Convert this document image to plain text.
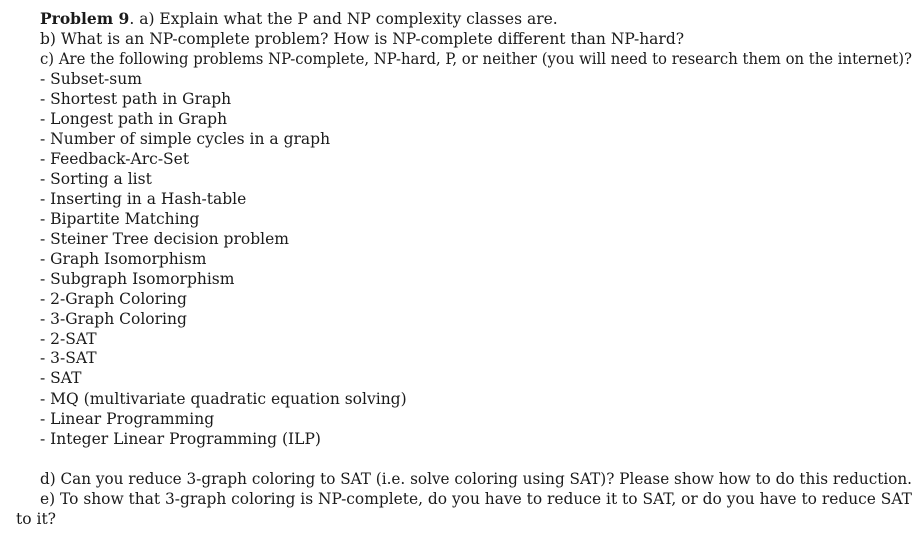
Problem 9. a) Explain what the P and NP complexity classes are.
b) What is an NP-complete problem? How is NP-complete different than NP-hard?
c) Are the following problems NP-complete, NP-hard, P, or neither (you will need to research them on the internet)?
- Subset-sum
- Shortest path in Graph
- Longest path in Graph
- Number of simple cycles in a graph
- Feedback-Arc-Set
- Sorting a list
- Inserting in a Hash-table
- Bipartite Matching
- Steiner Tree decision problem
- Graph Isomorphism
- Subgraph Isomorphism
- 2-Graph Coloring
- 3-Graph Coloring
- 2-SAT
- 3-SAT
- SAT
- MQ (multivariate quadratic equation solving)
- Linear Programming
- Integer Linear Programming (ILP)
d) Can you reduce 3-graph coloring to SAT (i.e. solve coloring using SAT)? Please show how to do this reduction.
e) To show that 3-graph coloring is NP-complete, do you have to reduce it to SAT, or do you have to reduce SAT
to it?
